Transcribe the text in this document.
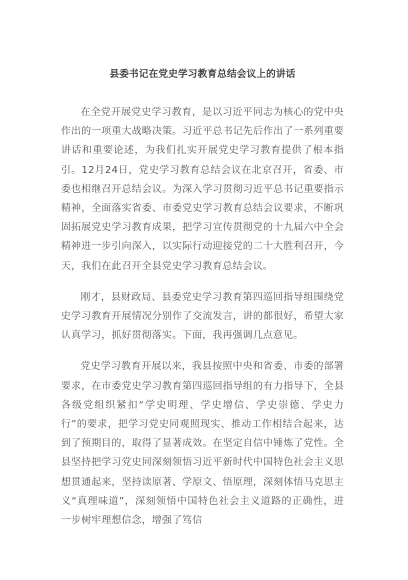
县委书记在党史学习教育总结会议上的讲话

在全党开展党史学习教育，是以习近平同志为核心的党中央作出的一项重大战略决策。习近平总书记先后作出了一系列重要讲话和重要论述，为我们扎实开展党史学习教育提供了根本指引。12月24日，党史学习教育总结会议在北京召开，省委、市委也相继召开总结会议。为深入学习贯彻习近平总书记重要指示精神，全面落实省委、市委党史学习教育总结会议要求，不断巩固拓展党史学习教育成果，把学习宣传贯彻党的十九届六中全会精神进一步引向深入，以实际行动迎接党的二十大胜利召开，今天，我们在此召开全县党史学习教育总结会议。

刚才，县财政局、县委党史学习教育第四巡回指导组围绕党史学习教育开展情况分别作了交流发言，讲的都很好，希望大家认真学习，抓好贯彻落实。下面，我再强调几点意见。

党史学习教育开展以来，我县按照中央和省委、市委的部署要求，在市委党史学习教育第四巡回指导组的有力指导下，全县各级党组织紧扣“学史明理、学史增信、学史崇德、学史力行”的要求，把学习党史同观照现实、推动工作相结合起来，达到了预期目的，取得了显著成效。在坚定自信中锤炼了党性。全县坚持把学习党史同深刻领悟习近平新时代中国特色社会主义思想贯通起来，坚持读原著、学原文、悟原理，深刻体悟马克思主义“真理味道”，深刻领悟中国特色社会主义道路的正确性，进一步树牢理想信念，增强了笃信
